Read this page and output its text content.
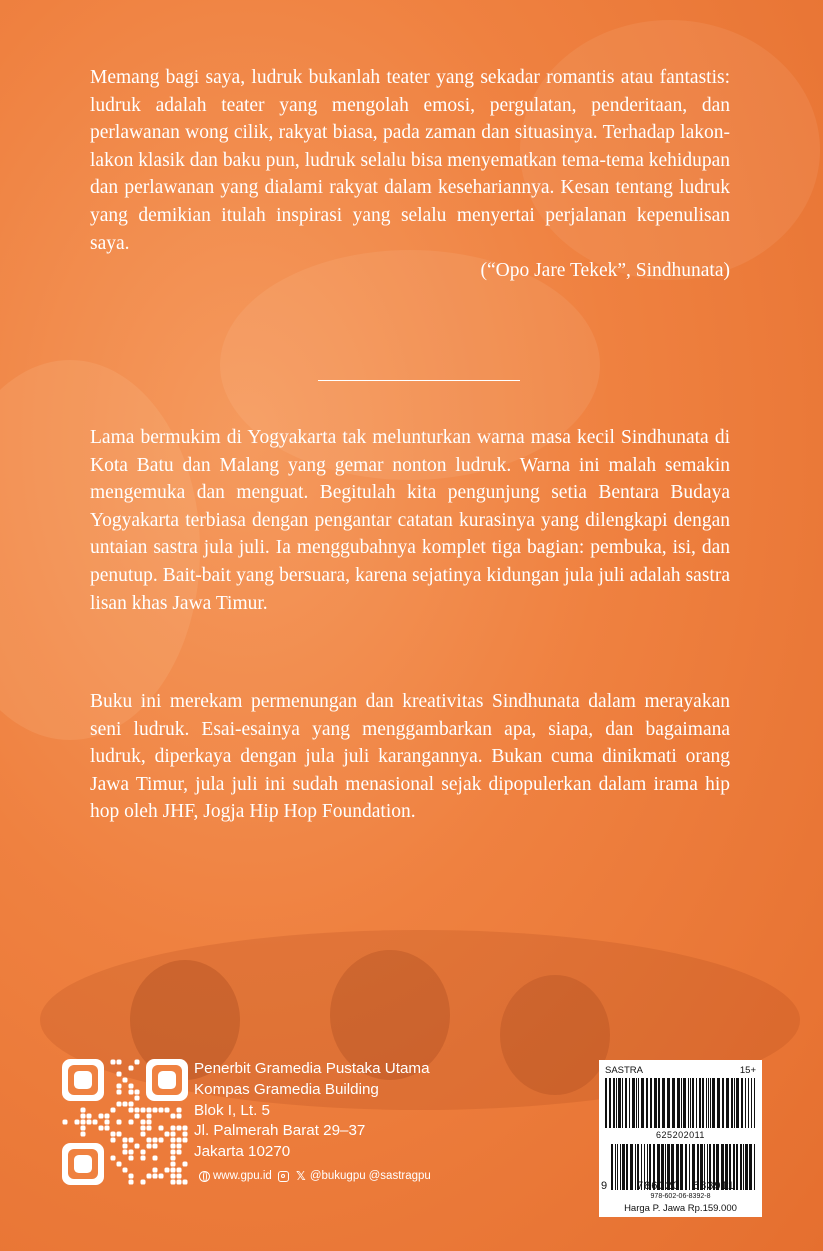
Memang bagi saya, ludruk bukanlah teater yang sekadar romantis atau fantastis: ludruk adalah teater yang mengolah emosi, pergulatan, penderitaan, dan perlawanan wong cilik, rakyat biasa, pada zaman dan situasinya. Terhadap lakon-lakon klasik dan baku pun, ludruk selalu bisa menyematkan tema-tema kehidupan dan perlawanan yang dialami rakyat dalam kesehariannya. Kesan tentang ludruk yang demikian itulah inspirasi yang selalu menyertai perjalanan kepenulisan saya.

(“Opo Jare Tekek”, Sindhunata)

Lama bermukim di Yogyakarta tak melunturkan warna masa kecil Sindhunata di Kota Batu dan Malang yang gemar nonton ludruk. Warna ini malah semakin mengemuka dan menguat. Begitulah kita pengunjung setia Bentara Budaya Yogyakarta terbiasa dengan pengantar catatan kurasinya yang dilengkapi dengan untaian sastra jula juli. Ia menggubahnya komplet tiga bagian: pembuka, isi, dan penutup. Bait-bait yang bersuara, karena sejatinya kidungan jula juli adalah sastra lisan khas Jawa Timur.

Buku ini merekam permenungan dan kreativitas Sindhunata dalam merayakan seni ludruk. Esai-esainya yang menggambarkan apa, siapa, dan bagaimana ludruk, diperkaya dengan jula juli karangannya. Bukan cuma dinikmati orang Jawa Timur, jula juli ini sudah menasional sejak dipopulerkan dalam irama hip hop oleh JHF, Jogja Hip Hop Foundation.

Penerbit Gramedia Pustaka Utama
Kompas Gramedia Building
Blok I, Lt. 5
Jl. Palmerah Barat 29–37
Jakarta 10270
www.gpu.id 𝕏 @bukugpu @sastragpu
SASTRA	15+
625202011
9	786020 683911
978-602-06-8392-8
Harga P. Jawa Rp.159.000
